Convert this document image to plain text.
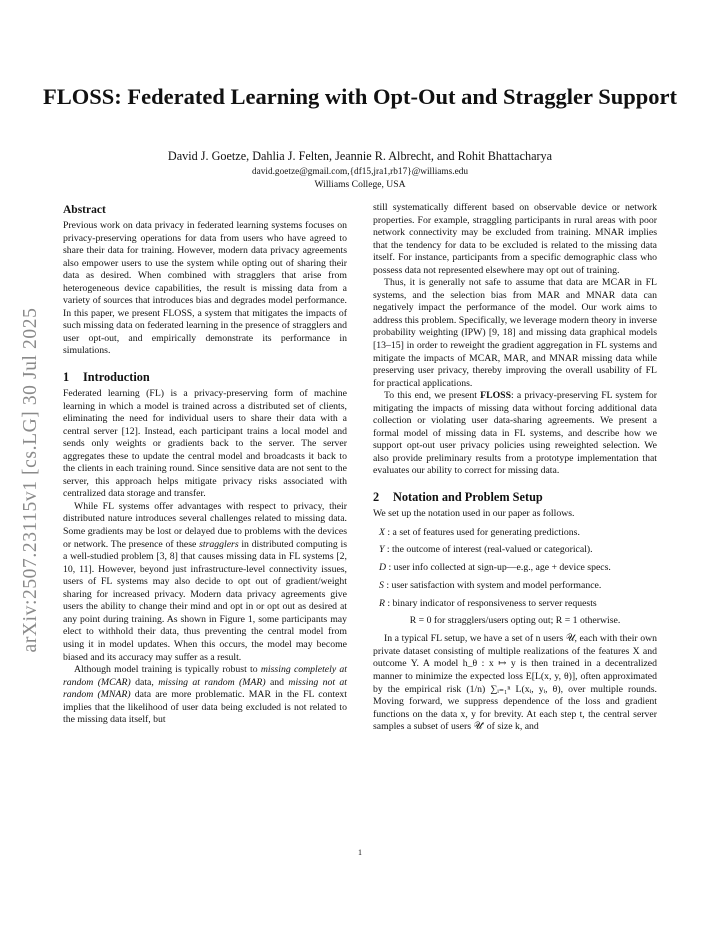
arXiv:2507.23115v1 [cs.LG] 30 Jul 2025
FLOSS: Federated Learning with Opt-Out and Straggler Support
David J. Goetze, Dahlia J. Felten, Jeannie R. Albrecht, and Rohit Bhattacharya
david.goetze@gmail.com,{df15,jra1,rb17}@williams.edu
Williams College, USA
Abstract

Previous work on data privacy in federated learning systems focuses on privacy-preserving operations for data from users who have agreed to share their data for training. However, modern data privacy agreements also empower users to use the system while opting out of sharing their data as desired. When combined with stragglers that arise from heterogeneous device capabilities, the result is missing data from a variety of sources that introduces bias and degrades model performance. In this paper, we present FLOSS, a system that mitigates the impacts of such missing data on federated learning in the presence of stragglers and user opt-out, and empirically demonstrate its performance in simulations.

1 Introduction

Federated learning (FL) is a privacy-preserving form of machine learning in which a model is trained across a distributed set of clients, eliminating the need for individual users to share their data with a central server [12]. Instead, each participant trains a local model and sends only weights or gradients back to the server. The server aggregates these to update the central model and broadcasts it back to the clients in each training round. Since sensitive data are not sent to the server, this approach helps mitigate privacy risks associated with centralized data storage and transfer.

While FL systems offer advantages with respect to privacy, their distributed nature introduces several challenges related to missing data. Some gradients may be lost or delayed due to problems with the devices or network. The presence of these stragglers in distributed computing is a well-studied problem [3, 8] that causes missing data in FL systems [2, 10, 11]. However, beyond just infrastructure-level connectivity issues, users of FL systems may also decide to opt out of gradient/weight sharing for increased privacy. Modern data privacy agreements give users the ability to change their mind and opt in or opt out as desired at any point during training. As shown in Figure 1, some participants may elect to withhold their data, thus preventing the central model from using it in model updates. When this occurs, the model may become biased and its accuracy may suffer as a result.

Although model training is typically robust to missing completely at random (MCAR) data, missing at random (MAR) and missing not at random (MNAR) data are more problematic. MAR in the FL context implies that the likelihood of user data being excluded is not related to the missing data itself, but

still systematically different based on observable device or network properties. For example, straggling participants in rural areas with poor network connectivity may be excluded from training. MNAR implies that the tendency for data to be excluded is related to the missing data itself. For instance, participants from a specific demographic class who possess data not represented elsewhere may opt out of training.

Thus, it is generally not safe to assume that data are MCAR in FL systems, and the selection bias from MAR and MNAR data can negatively impact the performance of the model. Our work aims to address this problem. Specifically, we leverage modern theory in inverse probability weighting (IPW) [9, 18] and missing data graphical models [13–15] in order to reweight the gradient aggregation in FL systems and mitigate the impacts of MCAR, MAR, and MNAR missing data while preserving user privacy, thereby improving the overall usability of FL for practical applications.

To this end, we present FLOSS: a privacy-preserving FL system for mitigating the impacts of missing data without forcing additional data collection or violating user data-sharing agreements. We present a formal model of missing data in FL systems, and describe how we support opt-out user privacy policies using reweighted selection. We also provide preliminary results from a prototype implementation that evaluates our ability to correct for missing data.

2 Notation and Problem Setup

We set up the notation used in our paper as follows.

X : a set of features used for generating predictions.
Y : the outcome of interest (real-valued or categorical).
D : user info collected at sign-up—e.g., age + device specs.
S : user satisfaction with system and model performance.
R : binary indicator of responsiveness to server requests
R = 0 for stragglers/users opting out; R = 1 otherwise.

In a typical FL setup, we have a set of n users 𝒰, each with their own private dataset consisting of multiple realizations of the features X and outcome Y. A model h_θ : x ↦ y is then trained in a decentralized manner to minimize the expected loss E[L(x, y, θ)], often approximated by the empirical risk (1/n) ∑ᵢ₌₁ⁿ L(xᵢ, yᵢ, θ), over multiple rounds. Moving forward, we suppress dependence of the loss and gradient functions on the data x, y for brevity. At each step t, the central server samples a subset of users 𝒰′ of size k, and

1
